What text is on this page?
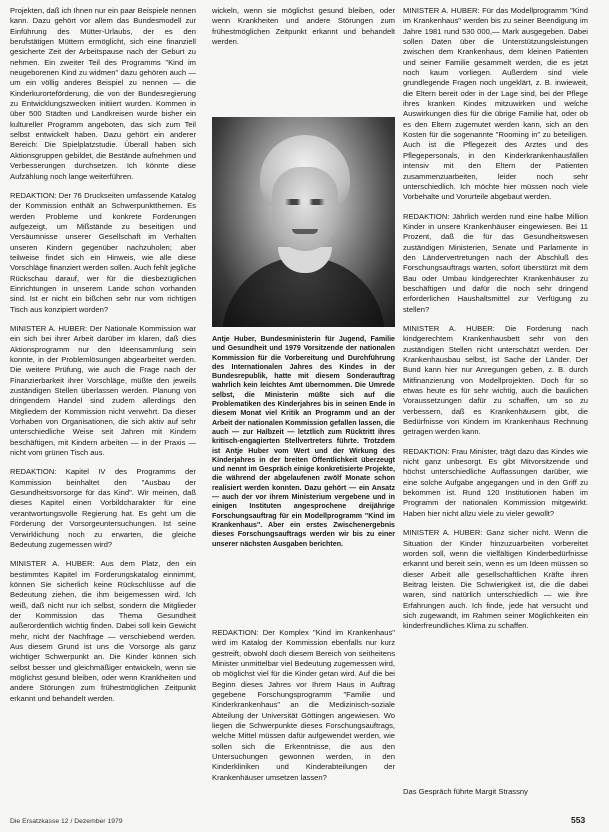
Projekten, daß ich Ihnen nur ein paar Beispiele nennen kann. Dazu gehört vor allem das Bundesmodell zur Einführung des Mütter-Urlaubs, der es den berufstätigen Müttern ermöglicht, sich eine finanziell gesicherte Zeit der Arbeitspause nach der Geburt zu nehmen. Ein zweiter Teil des Programms "Kind im neugeborenen Kind zu widmen" dazu gehören auch — um ein völlig anderes Beispiel zu nennen — die Kinderkurorteförderung, die von der Bundesregierung zu Entwicklungszwecken initiiert wurden. Kommen in über 500 Städten und Landkreisen wurde bisher ein kultureller Programm angeboten, das sich zum Teil selbst entwickelt haben. Dazu gehört ein anderer Bereich: Die Spielplatzstudie. Überall haben sich Aktionsgruppen gebildet, die Bestände aufnehmen und Verbesserungen durchsetzen. Ich könnte diese Aufzählung noch lange weiterführen.

REDAKTION: Der 76 Druckseiten umfassende Katalog der Kommission enthält an Schwerpunktthemen. Es werden Probleme und konkrete Forderungen aufgezeigt, um Mißstände zu beseitigen und Versäumnisse unserer Gesellschaft im Verhalten unseren Kindern gegenüber nachzuholen; aber teilweise findet sich ein Hinweis, wie alle diese Vorschläge finanziert werden sollen. Auch fehlt jegliche Rückschau darauf, wer für die diesbezüglichen Einrichtungen in unserem Lande schon vorhanden sind. Ist er nicht ein bißchen sehr nur vom richtigen Tisch aus konzipiert worden?

MINISTER A. HUBER: Der Nationale Kommission war ein sich bei ihrer Arbeit darüber im klaren, daß dies Aktionsprogramm nur den Ideensammlung sein konnte, in der Problemlösungen abgearbeitet werden. Die weitere Prüfung, wie auch die Frage nach der Finanzierbarkeit ihrer Vorschläge, müßte den jeweils zuständigen Stellen überlassen werden. Planung von dringendem Handel sind zudem allerdings den Mitgliedern der Kommission nicht verwehrt. Da dieser Vorhaben von Organisationen, die sich aktiv auf sehr unterschiedliche Weise seit Jahren mit Kindern beschäftigen, mit Kindern arbeiten — in der Praxis — nicht vom grünen Tisch aus.

REDAKTION: Kapitel IV des Programms der Kommission beinhaltet den "Ausbau der Gesundheitsvorsorge für das Kind". Wir meinen, daß dieses Kapitel einen Vorbildcharakter für eine verantwortungsvolle Regierung hat. Es geht um die Förderung der Vorsorgeuntersuchungen. Ist seine Verwirklichung noch zu erwarten, die gleiche Bedeutung zugemessen wird?

MINISTER A. HUBER: Aus dem Platz, den ein bestimmtes Kapitel im Forderungskatalog einnimmt, können Sie sicherlich keine Rückschlüsse auf die Bedeutung ziehen, die ihm beigemessen wird. Ich weiß, daß nicht nur ich selbst, sondern die Mitglieder der Kommission das Thema Gesundheit außerordentlich wichtig finden. Dabei soll kein Gewicht mehr, nicht der Nachfrage — verschiebend werden. Aus diesem Grund ist uns die Vorsorge als ganz wichtiger Schwerpunkt an. Die Kinder können sich selbst besser und gleichmäßiger entwickeln, wenn sie möglichst gesund bleiben, oder wenn Krankheiten und andere Störungen zum frühestmöglichen Zeitpunkt erkannt und behandelt werden.

wickeln, wenn sie möglichst gesund bleiben, oder wenn Krankheiten und andere Störungen zum frühestmöglichen Zeitpunkt erkannt und behandelt werden.

Antje Huber, Bundesministerin für Jugend, Familie und Gesundheit und 1979 Vorsitzende der nationalen Kommission für die Vorbereitung und Durchführung des Internationalen Jahres des Kindes in der Bundesrepublik, hatte mit diesem Sonderauftrag wahrlich kein leichtes Amt übernommen. Die Umrede selbst, die Ministerin müßte sich auf die Problematiken des Kinderjahres bis in seinen Ende in diesem Monat viel Kritik an Programm und an der Arbeit der nationalen Kommission gefallen lassen, die auch — zur Halbzeit — letztlich zum Rücktritt ihres kritisch-engagierten Stellvertreters führte. Trotzdem ist Antje Huber vom Wert und der Wirkung des Kinderjahres in der breiten Öffentlichkeit überzeugt und nennt im Gespräch einige konkretisierte Projekte, die während der abgelaufenen zwölf Monate schon realisiert werden konnten. Dazu gehört — ein Ansatz — auch der vor ihrem Ministerium vergebene und in einigen Instituten angesprochene dreijährige Forschungsauftrag für ein Modellprogramm "Kind im Krankenhaus". Aber ein erstes Zwischenergebnis dieses Forschungsauftrags werden wir bis zu einer unserer nächsten Ausgaben berichten.

REDAKTION: Der Komplex "Kind im Krankenhaus" wird im Katalog der Kommission ebenfalls nur kurz gestreift, obwohl doch diesem Bereich von seitheitens Minister unmittelbar viel Bedeutung zugemessen wird, ob möglichst viel für die Kinder getan wird. Auf die bei Beginn dieses Jahres vor Ihrem Haus in Auftrag gegebene Forschungsprogramm "Familie und Kinderkrankenhaus" an die Medizinisch-soziale Abteilung der Universität Göttingen angewiesen. Wo liegen die Schwerpunkte dieses Forschungsauftrags, welche Mittel müssen dafür aufgewendet werden, wie sollen sich die Erkenntnisse, die aus den Untersuchungen gewonnen werden, in den Kinderkliniken und Kinderabteilungen der Krankenhäuser umsetzen lassen?

MINISTER A. HUBER: Für das Modellprogramm "Kind im Krankenhaus" werden bis zu seiner Beendigung im Jahre 1981 rund 530 000,— Mark ausgegeben. Dabei sollen Daten über die Unterstützungsleistungen zwischen dem Krankenhaus, dem kleinen Patienten und seiner Familie gesammelt werden, die es jetzt noch kaum vorliegen. Außerdem sind viele grundlegende Fragen noch ungeklärt, z. B. inwieweit, die Eltern bereit oder in der Lage sind, bei der Pflege ihres kranken Kindes mitzuwirken und welche Auswirkungen dies für die übrige Familie hat, oder ob es den Eltern zugemutet werden kann, sich an den Kosten für die sogenannte "Rooming in" zu beteiligen. Auch ist die Pflegezeit des Arztes und des Pflegepersonals, in den Kinderkrankenhausfällen intensiv mit den Eltern der Patienten zusammenzuarbeiten, leider noch sehr unterschiedlich. Ich möchte hier müssen noch viele Vorbehalte und Vorurteile abgebaut werden.

REDAKTION: Jährlich werden rund eine halbe Million Kinder in unsere Krankenhäuser eingewiesen. Bei 11 Prozent, daß die für das Gesundheitswesen zuständigen Ministerien, Senate und Parlamente in den Ländervertretungen nach der Abschluß des Forschungsauftrags warten, sofort überstürzt mit dem Bau oder Umbau kindgerechter Krankenhäuser zu beschäftigen und dafür die noch sehr dringend erforderlichen Haushaltsmittel zur Verfügung zu stellen?

MINISTER A. HUBER: Die Forderung nach kindgerechtem Krankenhausbett sehr von den zuständigen Stellen nicht unterschätzt werden. Der Krankenhausbau selbst, ist Sache der Länder. Der Bund kann hier nur Anregungen geben, z. B. durch Mitfinanzierung von Modellprojekten. Doch für so etwas heute es für sehr wichtig, auch die baulichen Voraussetzungen dafür zu schaffen, um so zu verbessern, daß es Krankenhäusern gibt, die Bedürfnisse von Kindern im Krankenhaus Rechnung getragen werden kann.

REDAKTION: Frau Minister, trägt dazu das Kindes wie nicht ganz unbesorgt. Es gibt Mitvorsitzende und höchst unterschiedliche Auffassungen darüber, wie eine solche Aufgabe angegangen und in den Griff zu bekommen ist. Rund 120 Institutionen haben im Programm der nationalen Kommission mitgewirkt. Haben hier nicht allzu viele zu vieler gewollt?

MINISTER A. HUBER: Ganz sicher nicht. Wenn die Situation der Kinder hinzuzuarbeiten vorbereitet worden soll, wenn die vielfältigen Kinderbedürfnisse erkannt und bereit sein, wenn es um Ideen müssen so dieser Arbeit alle gesellschaftlichen Kräfte ihren Beitrag leisten. Die Schwierigkeit ist, die die dabei waren, sind natürlich unterschiedlich — wie ihre Erfahrungen auch. Ich finde, jede hat versucht und sich zugewandt, im Rahmen seiner Möglichkeiten ein kinderfreundliches Klima zu schaffen.

Das Gespräch führte Margit Strassny
Die Ersatzkasse 12 / Dezember 1979	553
